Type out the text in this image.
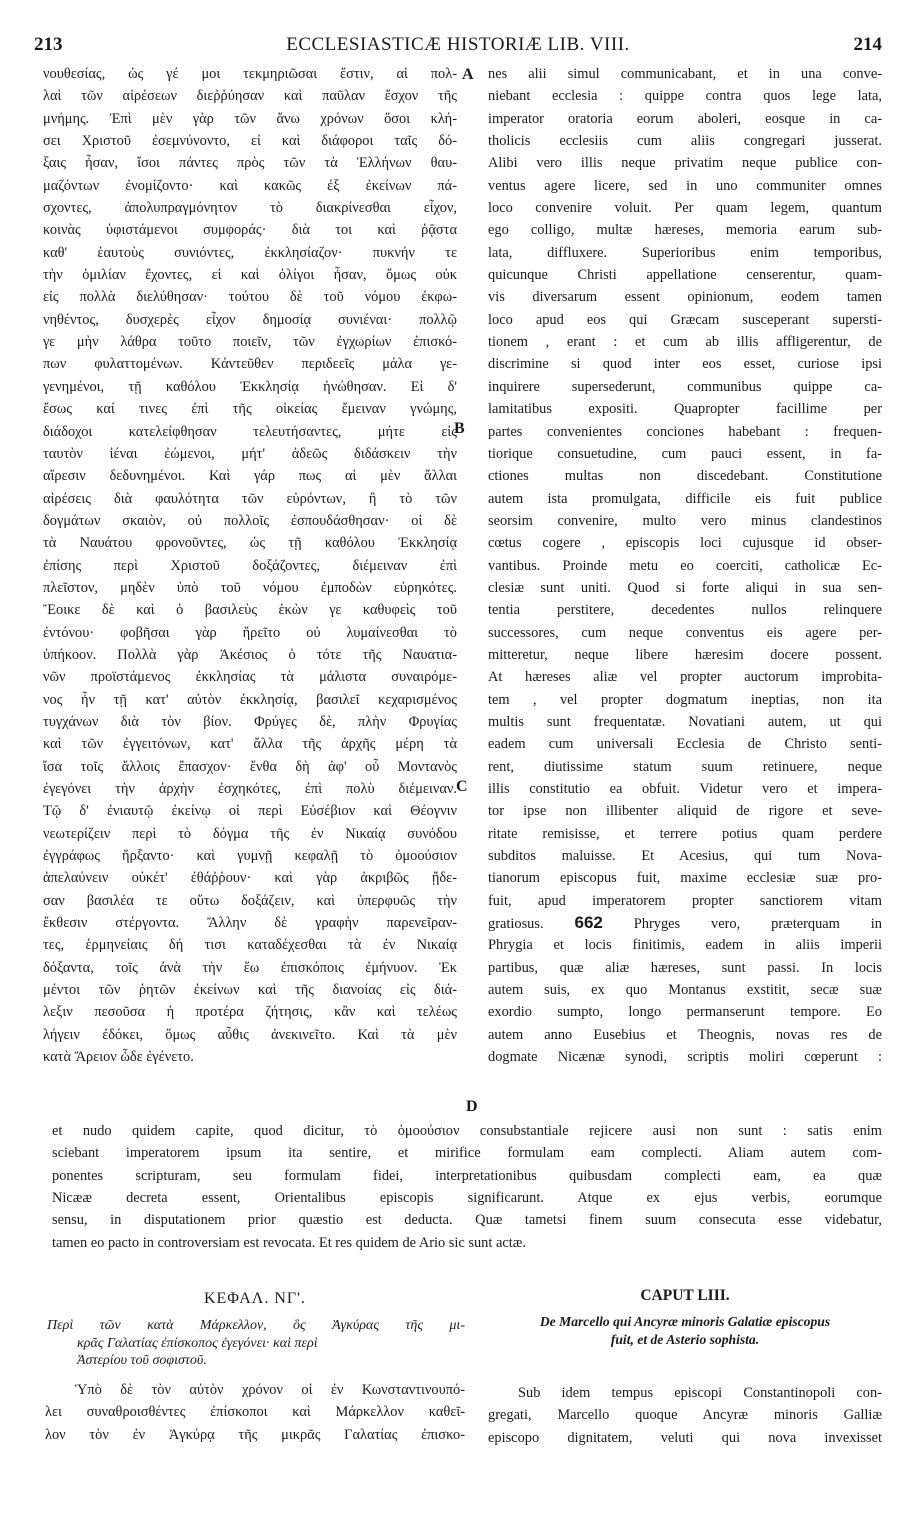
213	ECCLESIASTICÆ HISTORIÆ LIB. VIII.	214
A
B
C
D
νουθεσίας, ὡς γέ μοι τεκμηριῶσαι ἔστιν, αἱ πολ-
λαὶ τῶν αἱρέσεων διεῤῥύησαν καὶ παῦλαν ἔσχον τῆς
μνήμης. Ἐπὶ μὲν γὰρ τῶν ἄνω χρόνων ὅσοι κλή-
σει Χριστοῦ ἐσεμνύνοντο, εἰ καὶ διάφοροι ταῖς δό-
ξαις ἦσαν, ἴσοι πάντες πρὸς τῶν τὰ Ἑλλήνων θαυ-
μαζόντων ἐνομίζοντο· καὶ κακῶς ἐξ ἐκείνων πά-
σχοντες, ἀπολυπραγμόνητον τὸ διακρίνεσθαι εἶχον,
κοινὰς ὑφιστάμενοι συμφοράς· διὰ τοι καὶ ῥᾷστα
καθ' ἑαυτοὺς συνιόντες, ἐκκλησίαζον· πυκνήν τε
τὴν ὁμιλίαν ἔχοντες, εἰ καὶ ὀλίγοι ἦσαν, ὅμως οὐκ
εἰς πολλὰ διελύθησαν· τούτου δὲ τοῦ νόμου ἐκφω-
νηθέντος, δυσχερὲς εἶχον δημοσίᾳ συνιέναι· πολλῷ
γε μὴν λάθρα τοῦτο ποιεῖν, τῶν ἐγχωρίων ἐπισκό-
πων φυλαττομένων. Κἀντεῦθεν περιδεεῖς μάλα γε-
γενημένοι, τῇ καθόλου Ἐκκλησίᾳ ἡνώθησαν. Εἰ δ'
ἔσως καί τινες ἐπὶ τῆς οἰκείας ἔμειναν γνώμης,
διάδοχοι κατελείφθησαν τελευτήσαντες, μήτε εἰς
ταυτὸν ἰέναι ἐώμενοι, μήτ' ἀδεῶς διδάσκειν τὴν
αἵρεσιν δεδυνημένοι. Καὶ γάρ πως αἱ μὲν ἄλλαι
αἱρέσεις διὰ φαυλότητα τῶν εὑρόντων, ἢ τὸ τῶν
δογμάτων σκαιὸν, οὐ πολλοῖς ἐσπουδάσθησαν· οἱ δὲ
τὰ Ναυάτου φρονοῦντες, ὡς τῇ καθόλου Ἐκκλησίᾳ
ἐπίσης περὶ Χριστοῦ δοξάζοντες, διέμειναν ἐπὶ
πλεῖστον, μηδὲν ὑπὸ τοῦ νόμου ἐμποδὼν εὑρηκότες.
Ἔοικε δὲ καὶ ὁ βασιλεὺς ἑκὼν γε καθυφεὶς τοῦ
ἐντόνου· φοβῆσαι γὰρ ἤρεῖτο οὐ λυμαίνεσθαι τὸ
ὑπήκοον. Πολλὰ γὰρ Ἀκέσιος ὁ τότε τῆς Ναυατια-
νῶν προϊστάμενος ἐκκλησίας τὰ μάλιστα συναιρόμε-
νος ἦν τῇ κατ' αὐτὸν ἐκκλησίᾳ, βασιλεῖ κεχαρισμένος
τυγχάνων διὰ τὸν βίον. Φρύγες δὲ, πλὴν Φρυγίας
καὶ τῶν ἐγγειτόνων, κατ' ἄλλα τῆς ἀρχῆς μέρη τὰ
ἴσα τοῖς ἄλλοις ἔπασχον· ἔνθα δὴ ἀφ' οὗ Μοντανὸς
ἐγεγόνει τὴν ἀρχὴν ἐσχηκότες, ἐπὶ πολὺ διέμειναν.
Τῷ δ' ἐνιαυτῷ ἐκείνῳ οἱ περὶ Εὐσέβιον καὶ Θέογνιν
νεωτερίζειν περὶ τὸ δόγμα τῆς ἐν Νικαίᾳ συνόδου
ἐγγράφως ἤρξαντο· καὶ γυμνῇ κεφαλῇ τὸ ὁμοούσιον
ἀπελαύνειν οὐκέτ' ἐθάῤῥουν· καὶ γὰρ ἀκριβῶς ᾔδε-
σαν βασιλέα τε οὕτω δοξάζειν, καὶ ὑπερφυῶς τὴν
ἔκθεσιν στέργοντα. Ἄλλην δὲ γραφὴν παρενεῖραν-
τες, ἑρμηνείαις δή τισι καταδέχεσθαι τὰ ἐν Νικαίᾳ
δόξαντα, τοῖς ἀνὰ τὴν ἕω ἐπισκόποις ἐμήνυον. Ἐκ
μέντοι τῶν ῥητῶν ἐκείνων καὶ τῆς διανοίας εἰς διά-
λεξιν πεσοῦσα ἡ προτέρα ζήτησις, κἂν καὶ τελέως
λήγειν ἐδόκει, ὅμως αὖθις ἀνεκινεῖτο. Καὶ τὰ μὲν
κατὰ Ἄρειον ὧδε ἐγένετο.
nes alii simul communicabant, et in una conve-
niebant ecclesia : quippe contra quos lege lata,
imperator oratoria eorum aboleri, eosque in ca-
tholicis ecclesiis cum aliis congregari jusserat.
Alibi vero illis neque privatim neque publice con-
ventus agere licere, sed in uno communiter omnes
loco convenire voluit. Per quam legem, quantum
ego colligo, multæ hæreses, memoria earum sub-
lata, diffluxere. Superioribus enim temporibus,
quicunque Christi appellatione censerentur, quam-
vis diversarum essent opinionum, eodem tamen
loco apud eos qui Græcam susceperant supersti-
tionem , erant : et cum ab illis affligerentur, de
discrimine si quod inter eos esset, curiose ipsi
inquirere supersederunt, communibus quippe ca-
lamitatibus expositi. Quapropter facillime per
partes convenientes conciones habebant : frequen-
tiorique consuetudine, cum pauci essent, in fa-
ctiones multas non discedebant. Constitutione
autem ista promulgata, difficile eis fuit publice
seorsim convenire, multo vero minus clandestinos
cœtus cogere , episcopis loci cujusque id obser-
vantibus. Proinde metu eo coerciti, catholicæ Ec-
clesiæ sunt uniti. Quod si forte aliqui in sua sen-
tentia perstitere, decedentes nullos relinquere
successores, cum neque conventus eis agere per-
mitteretur, neque libere hæresim docere possent.
At hæreses aliæ vel propter auctorum improbita-
tem , vel propter dogmatum ineptias, non ita
multis sunt frequentatæ. Novatiani autem, ut qui
eadem cum universali Ecclesia de Christo senti-
rent, diutissime statum suum retinuere, neque
illis constitutio ea obfuit. Videtur vero et impera-
tor ipse non illibenter aliquid de rigore et seve-
ritate remisisse, et terrere potius quam perdere
subditos maluisse. Et Acesius, qui tum Nova-
tianorum episcopus fuit, maxime ecclesiæ suæ pro-
fuit, apud imperatorem propter sanctiorem vitam
gratiosus. 662 Phryges vero, præterquam in
Phrygia et locis finitimis, eadem in aliis imperii
partibus, quæ aliæ hæreses, sunt passi. In locis
autem suis, ex quo Montanus exstitit, secæ suæ
exordio sumpto, longo permanserunt tempore. Eo
autem anno Eusebius et Theognis, novas res de
dogmate Nicænæ synodi, scriptis moliri cœperunt :
et nudo quidem capite, quod dicitur, τὸ ὁμοούσιον consubstantiale rejicere ausi non sunt : satis enim
sciebant imperatorem ipsum ita sentire, et mirifice formulam eam complecti. Aliam autem com-
ponentes scripturam, seu formulam fidei, interpretationibus quibusdam complecti eam, ea quæ
Nicææ decreta essent, Orientalibus episcopis significarunt. Atque ex ejus verbis, eorumque
sensu, in disputationem prior quæstio est deducta. Quæ tametsi finem suum consecuta esse videbatur,
tamen eo pacto in controversiam est revocata. Et res quidem de Ario sic sunt actæ.
ΚΕΦΑΛ. ΝΓ'.	CAPUT LIII.
Περὶ τῶν κατὰ Μάρκελλον, ὃς Ἀγκύρας τῆς μι-
κρᾶς Γαλατίας ἐπίσκοπος ἐγεγόνει· καὶ περὶ
Ἀστερίου τοῦ σοφιστοῦ.
De Marcello qui Ancyræ minoris Galatiæ episcopus
fuit, et de Asterio sophista.
Ὑπὸ δὲ τὸν αὐτὸν χρόνον οἱ ἐν Κωνσταντινουπό-
λει συναθροισθέντες ἐπίσκοποι καὶ Μάρκελλον καθεῖ-
λον τὸν ἐν Ἀγκύρᾳ τῆς μικρᾶς Γαλατίας ἐπισκο-
Sub idem tempus episcopi Constantinopoli con-
gregati, Marcello quoque Ancyræ minoris Galliæ
episcopo dignitatem, veluti qui nova invexisset
